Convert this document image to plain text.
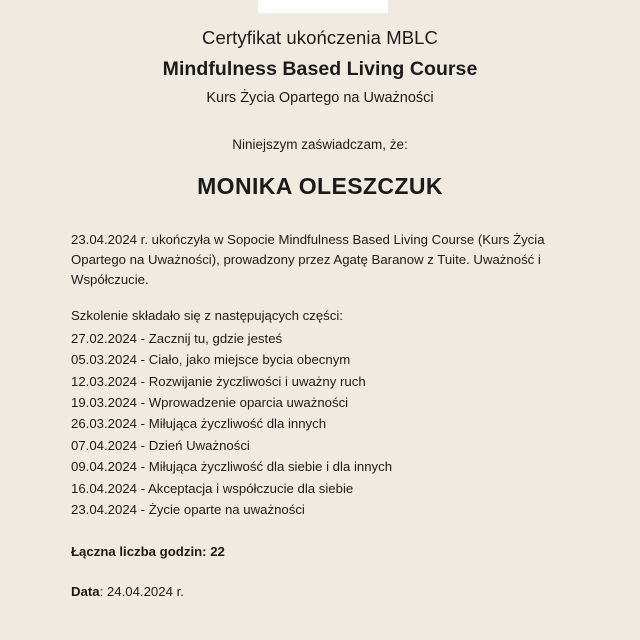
Certyfikat ukończenia MBLC

Mindfulness Based Living Course

Kurs Życia Opartego na Uważności

Niniejszym zaświadczam, że:

MONIKA OLESZCZUK

23.04.2024 r. ukończyła w Sopocie Mindfulness Based Living Course (Kurs Życia Opartego na Uważności), prowadzony przez Agatę Baranow z Tuite. Uważność i Współczucie.

Szkolenie składało się z następujących części:

27.02.2024 - Zacznij tu, gdzie jesteś
05.03.2024 - Ciało, jako miejsce bycia obecnym
12.03.2024 - Rozwijanie życzliwości i uważny ruch
19.03.2024 - Wprowadzenie oparcia uważności
26.03.2024 - Miłująca życzliwość dla innych
07.04.2024 - Dzień Uważności
09.04.2024 - Miłująca życzliwość dla siebie i dla innych
16.04.2024 - Akceptacja i współczucie dla siebie
23.04.2024 - Życie oparte na uważności

Łączna liczba godzin: 22

Data: 24.04.2024 r.
